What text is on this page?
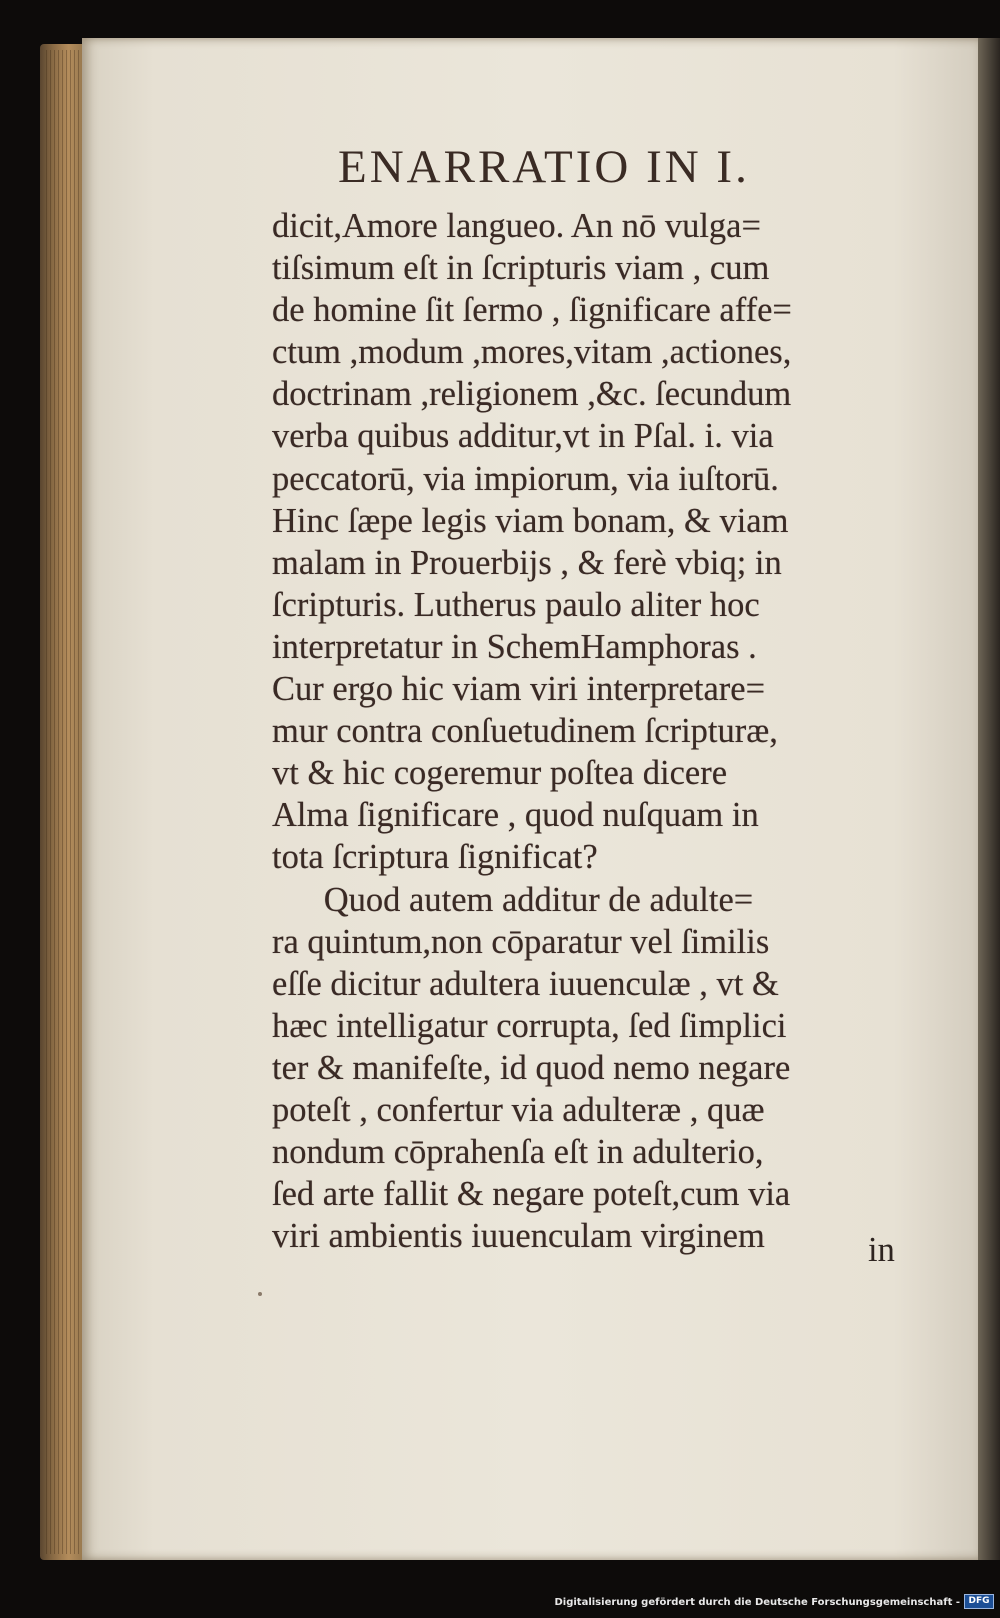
ENARRATIO IN I.
dicit,Amore langueo. An nō vulga=
tiſsimum eſt in ſcripturis viam , cum
de homine ſit ſermo , ſignificare affe=
ctum ,modum ,mores,vitam ,actiones,
doctrinam ,religionem ,&c. ſecundum
verba quibus additur,vt in Pſal. i. via
peccatorū, via impiorum, via iuſtorū.
Hinc ſæpe legis viam bonam, & viam
malam in Prouerbijs , & ferè vbiq; in
ſcripturis. Lutherus paulo aliter hoc
interpretatur in SchemHamphoras .
Cur ergo hic viam viri interpretare=
mur contra conſuetudinem ſcripturæ,
vt & hic cogeremur poſtea dicere
Alma ſignificare , quod nuſquam in
tota ſcriptura ſignificat?
Quod autem additur de adulte=
ra quintum,non cōparatur vel ſimilis
eſſe dicitur adultera iuuenculæ , vt &
hæc intelligatur corrupta, ſed ſimplici
ter & manifeſte, id quod nemo negare
poteſt , confertur via adulteræ , quæ
nondum cōprahenſa eſt in adulterio,
ſed arte fallit & negare poteſt,cum via
viri ambientis iuuenculam virginem	in
Digitalisierung gefördert durch die Deutsche Forschungsgemeinschaft - DFG
